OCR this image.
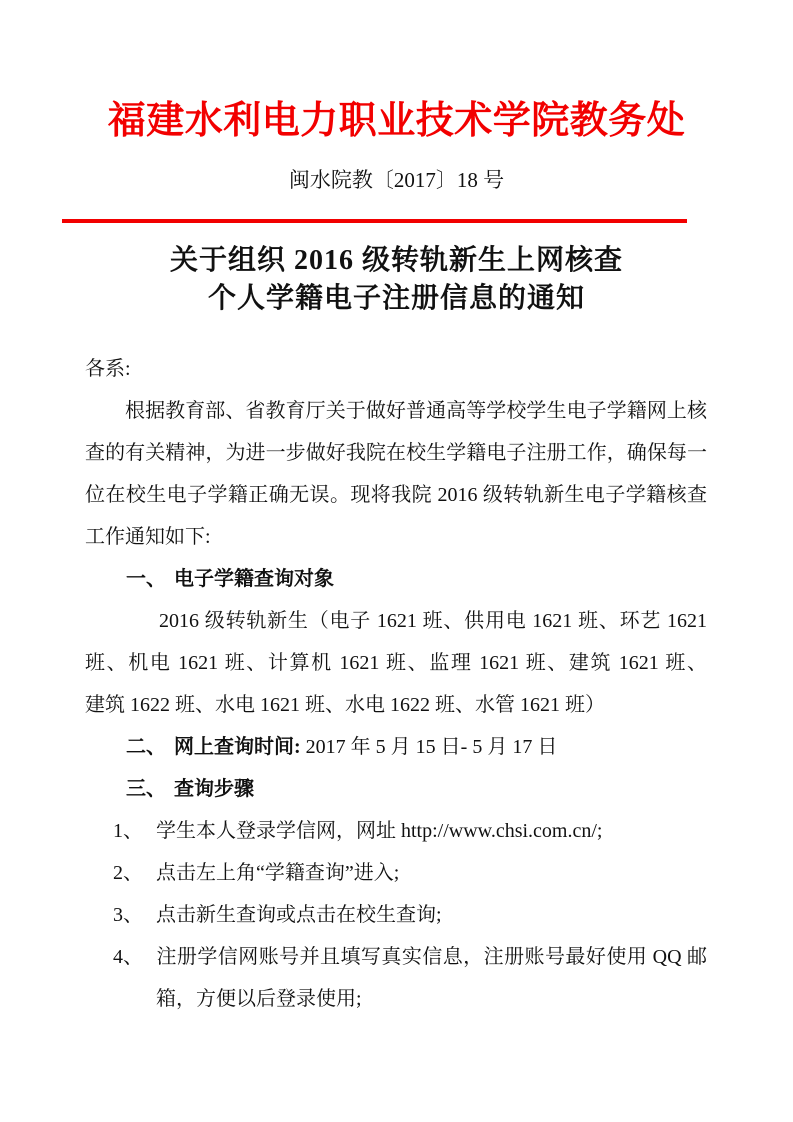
福建水利电力职业技术学院教务处
闽水院教〔2017〕18 号
关于组织 2016 级转轨新生上网核查
个人学籍电子注册信息的通知
各系:
根据教育部、省教育厅关于做好普通高等学校学生电子学籍网上核
查的有关精神，为进一步做好我院在校生学籍电子注册工作，确保每一
位在校生电子学籍正确无误。现将我院 2016 级转轨新生电子学籍核查
工作通知如下:
一、 电子学籍查询对象
2016 级转轨新生（电子 1621 班、供用电 1621 班、环艺 1621
班、机电 1621 班、计算机 1621 班、监理 1621 班、建筑 1621 班、
建筑 1622 班、水电 1621 班、水电 1622 班、水管 1621 班）
二、 网上查询时间: 2017 年 5 月 15 日- 5 月 17 日
三、 查询步骤
1、 学生本人登录学信网，网址 http://www.chsi.com.cn/;
2、 点击左上角“学籍查询”进入;
3、 点击新生查询或点击在校生查询;
4、 注册学信网账号并且填写真实信息，注册账号最好使用 QQ 邮
箱，方便以后登录使用;
